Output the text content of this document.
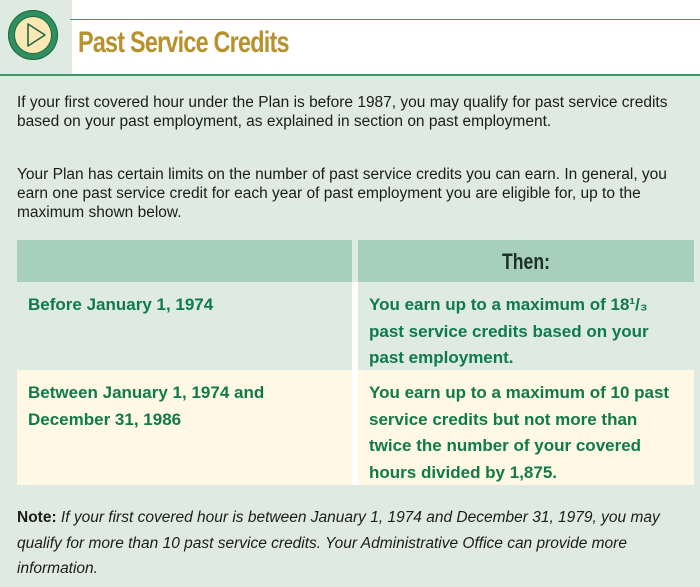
Past Service Credits
If your first covered hour under the Plan is before 1987, you may qualify for past service credits based on your past employment, as explained in section on past employment.
Your Plan has certain limits on the number of past service credits you can earn. In general, you earn one past service credit for each year of past employment you are eligible for, up to the maximum shown below.
Then:
Before January 1, 1974	You earn up to a maximum of 18¹/₃ past service credits based on your past employment.
Between January 1, 1974 and December 31, 1986
You earn up to a maximum of 10 past service credits but not more than twice the number of your covered hours divided by 1,875.
Note: If your first covered hour is between January 1, 1974 and December 31, 1979, you may qualify for more than 10 past service credits. Your Administrative Office can provide more information.
